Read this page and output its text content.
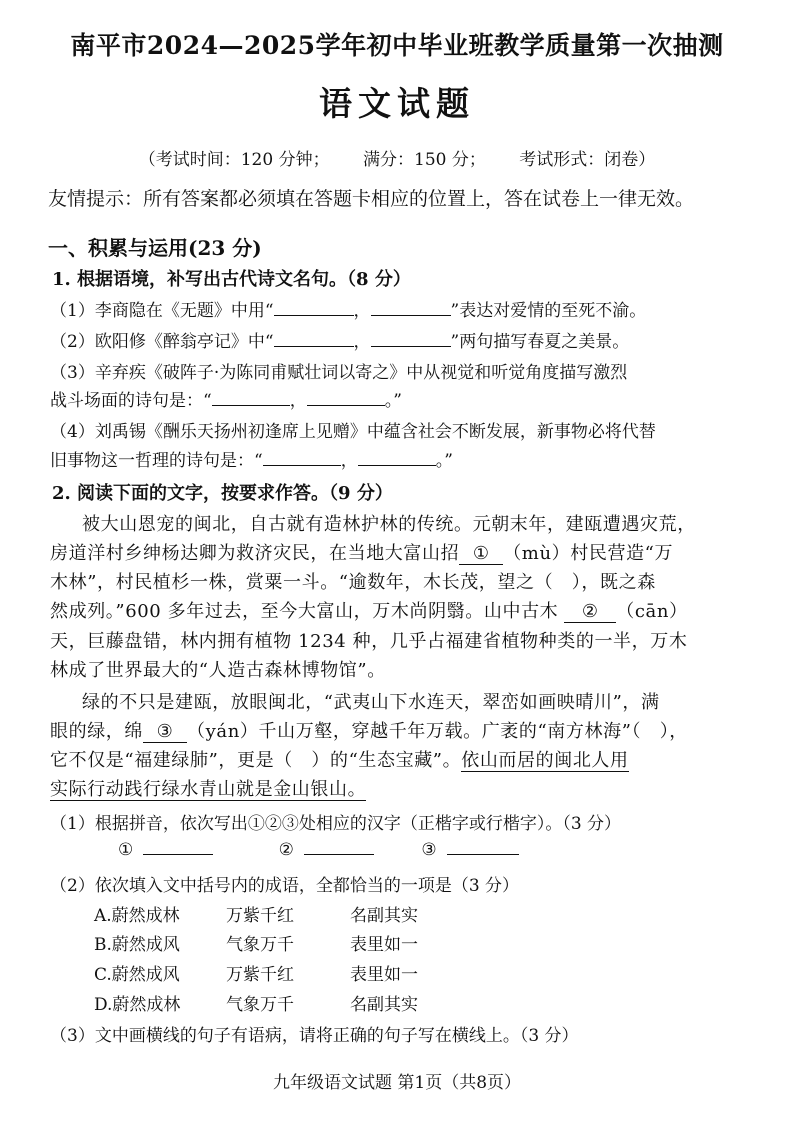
南平市2024—2025学年初中毕业班教学质量第一次抽测
语文试题
（考试时间：120 分钟； 满分：150 分； 考试形式：闭卷）
友情提示：所有答案都必须填在答题卡相应的位置上，答在试卷上一律无效。
一、积累与运用(23 分)
1. 根据语境，补写出古代诗文名句。（8 分）
（1）李商隐在《无题》中用“	，	”表达对爱情的至死不渝。
（2）欧阳修《醉翁亭记》中“	，	”两句描写春夏之美景。
（3）辛弃疾《破阵子·为陈同甫赋壮词以寄之》中从视觉和听觉角度描写激烈
战斗场面的诗句是：“	，	。”
（4）刘禹锡《酬乐天扬州初逢席上见赠》中蕴含社会不断发展，新事物必将代替
旧事物这一哲理的诗句是：“	，	。”
2. 阅读下面的文字，按要求作答。（9 分）
被大山恩宠的闽北，自古就有造林护林的传统。元朝末年，建瓯遭遇灾荒，
房道洋村乡绅杨达卿为救济灾民，在当地大富山招 ① （mù）村民营造“万
木林”，村民植杉一株，赏粟一斗。“逾数年，木长茂，望之（　），既之森
然成列。”600 多年过去，至今大富山，万木尚阴翳。山中古木 ② （cān）
天，巨藤盘错，林内拥有植物 1234 种，几乎占福建省植物种类的一半，万木
林成了世界最大的“人造古森林博物馆”。
绿的不只是建瓯，放眼闽北，“武夷山下水连天，翠峦如画映晴川”，满
眼的绿，绵 ③ （yán）千山万壑，穿越千年万载。广袤的“南方林海”（　），
它不仅是“福建绿肺”，更是（　）的“生态宝藏”。依山而居的闽北人用
实际行动践行绿水青山就是金山银山。
（1）根据拼音，依次写出①②③处相应的汉字（正楷字或行楷字）。（3 分）
①	②	③
（2）依次填入文中括号内的成语，全都恰当的一项是（3 分）
A.蔚然成林	万紫千红	名副其实
B.蔚然成风	气象万千	表里如一
C.蔚然成风	万紫千红	表里如一
D.蔚然成林	气象万千	名副其实
（3）文中画横线的句子有语病，请将正确的句子写在横线上。（3 分）
九年级语文试题 第1页（共8页）
